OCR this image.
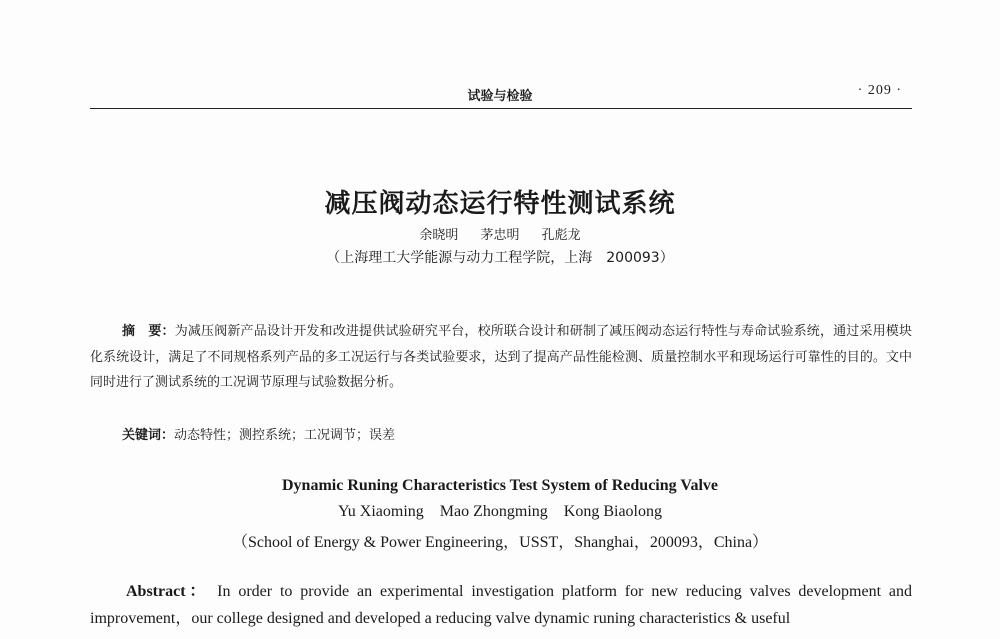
试验与检验	· 209 ·
减压阀动态运行特性测试系统
余晓明 茅忠明 孔彪龙
（上海理工大学能源与动力工程学院，上海　200093）

摘　要：为减压阀新产品设计开发和改进提供试验研究平台，校所联合设计和研制了减压阀动态运行特性与寿命试验系统，通过采用模块化系统设计，满足了不同规格系列产品的多工况运行与各类试验要求，达到了提高产品性能检测、质量控制水平和现场运行可靠性的目的。文中同时进行了测试系统的工况调节原理与试验数据分析。

关键词：动态特性；测控系统；工况调节；误差

Dynamic Runing Characteristics Test System of Reducing Valve
Yu Xiaoming Mao Zhongming Kong Biaolong
（School of Energy & Power Engineering，USST，Shanghai，200093，China）

Abstract： In order to provide an experimental investigation platform for new reducing valves development and improvement，our college designed and developed a reducing valve dynamic runing characteristics & useful
